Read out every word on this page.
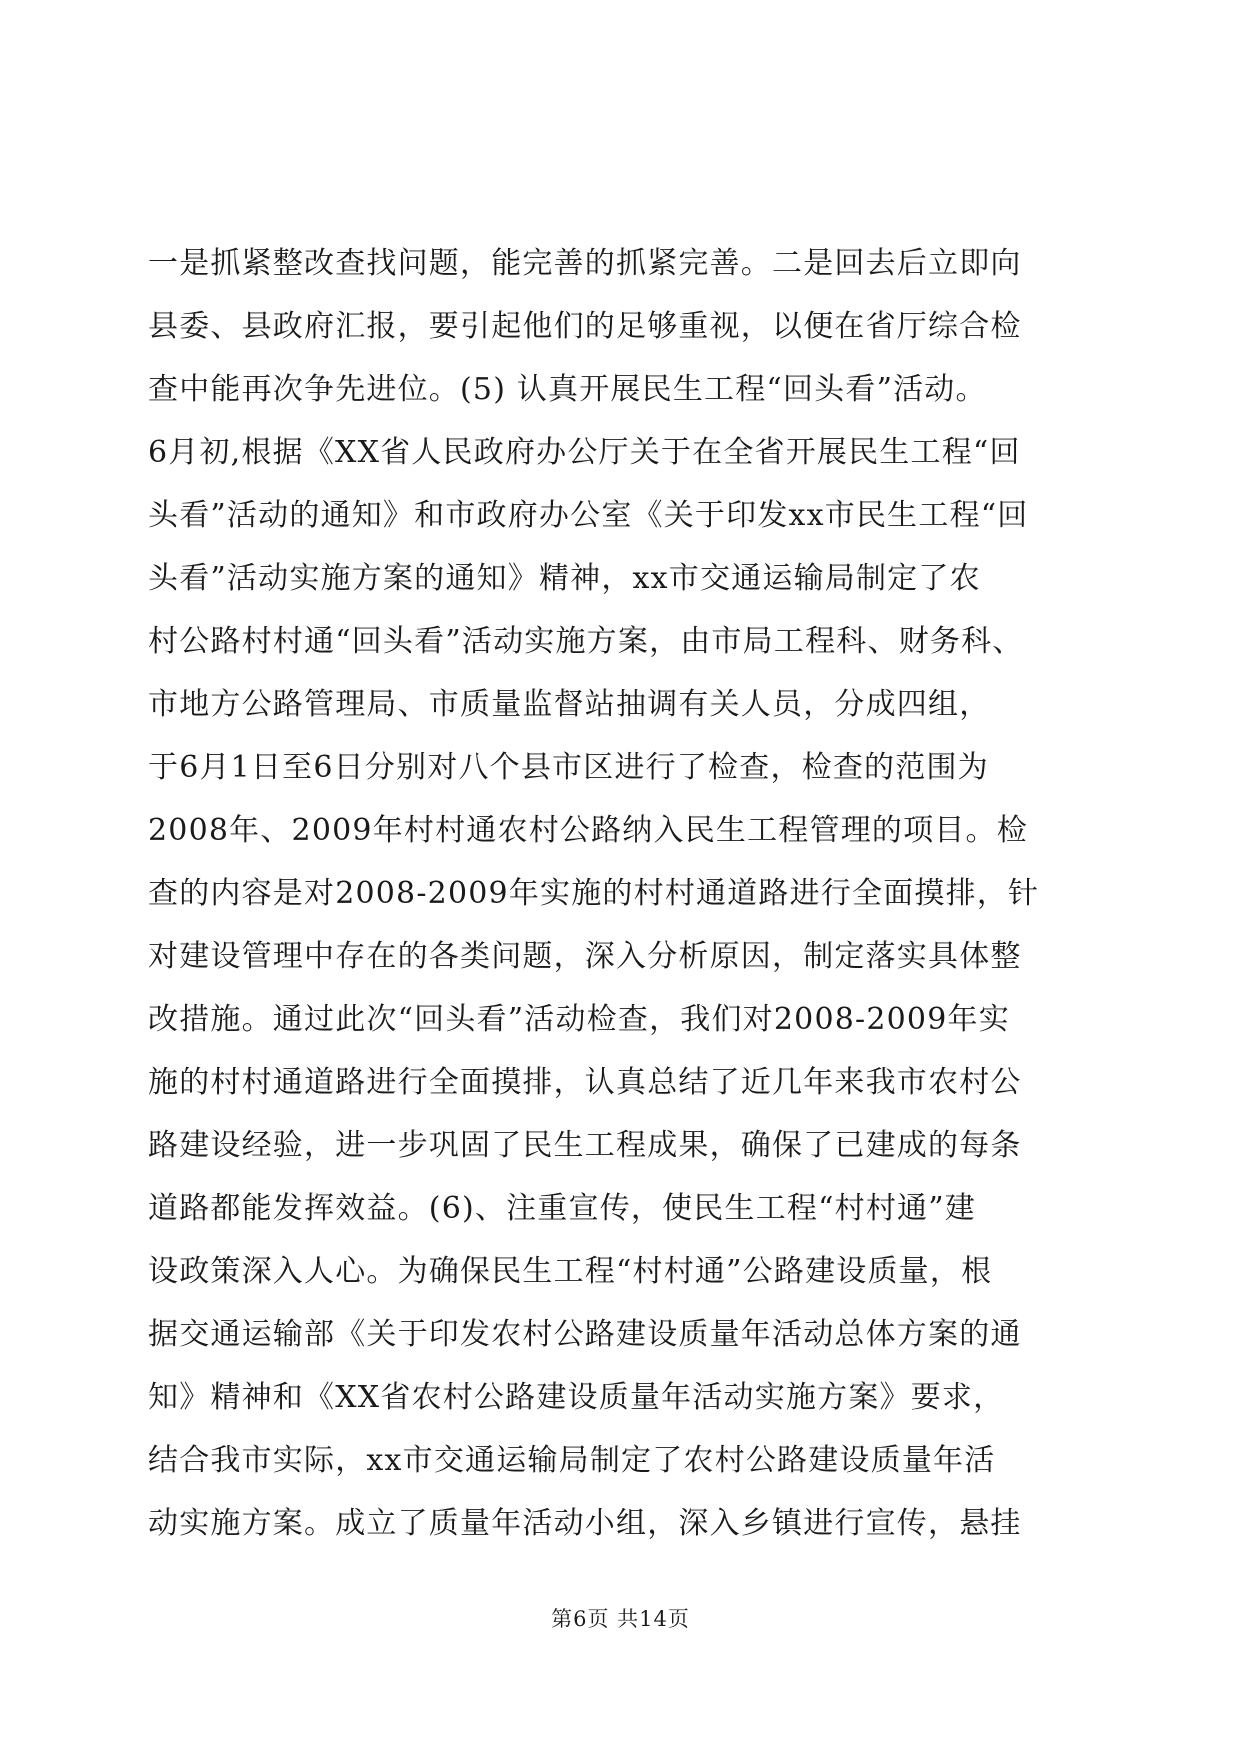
一是抓紧整改查找问题，能完善的抓紧完善。二是回去后立即向
县委、县政府汇报，要引起他们的足够重视，以便在省厅综合检
查中能再次争先进位。(5) 认真开展民生工程“回头看”活动。
6月初,根据《XX省人民政府办公厅关于在全省开展民生工程“回
头看”活动的通知》和市政府办公室《关于印发xx市民生工程“回
头看”活动实施方案的通知》精神，xx市交通运输局制定了农
村公路村村通“回头看”活动实施方案，由市局工程科、财务科、
市地方公路管理局、市质量监督站抽调有关人员，分成四组，
于6月1日至6日分别对八个县市区进行了检查，检查的范围为
2008年、2009年村村通农村公路纳入民生工程管理的项目。检
查的内容是对2008-2009年实施的村村通道路进行全面摸排，针
对建设管理中存在的各类问题，深入分析原因，制定落实具体整
改措施。通过此次“回头看”活动检查，我们对2008-2009年实
施的村村通道路进行全面摸排，认真总结了近几年来我市农村公
路建设经验，进一步巩固了民生工程成果，确保了已建成的每条
道路都能发挥效益。(6)、注重宣传，使民生工程“村村通”建
设政策深入人心。为确保民生工程“村村通”公路建设质量，根
据交通运输部《关于印发农村公路建设质量年活动总体方案的通
知》精神和《XX省农村公路建设质量年活动实施方案》要求，
结合我市实际，xx市交通运输局制定了农村公路建设质量年活
动实施方案。成立了质量年活动小组，深入乡镇进行宣传，悬挂
第6页 共14页
